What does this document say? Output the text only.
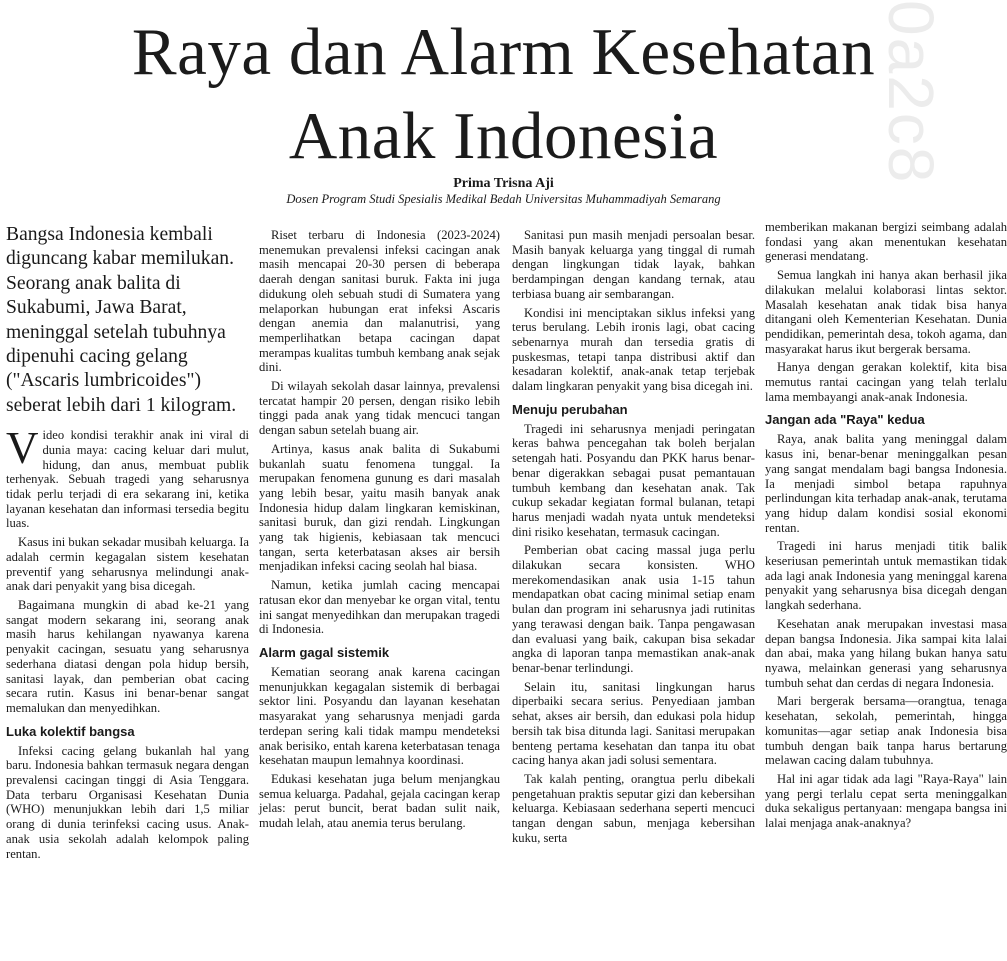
0a2c8
Raya dan Alarm Kesehatan
Anak Indonesia
Prima Trisna Aji
Dosen Program Studi Spesialis Medikal Bedah Universitas Muhammadiyah Semarang
Bangsa Indonesia kembali diguncang kabar memilukan. Seorang anak balita di Sukabumi, Jawa Barat, meninggal setelah tubuhnya dipenuhi cacing gelang ("Ascaris lumbricoides") seberat lebih dari 1 kilogram.

Video kondisi terakhir anak ini viral di dunia maya: cacing keluar dari mulut, hidung, dan anus, membuat publik terhenyak. Sebuah tragedi yang seharusnya tidak perlu terjadi di era sekarang ini, ketika layanan kesehatan dan informasi tersedia begitu luas.

Kasus ini bukan sekadar musibah keluarga. Ia adalah cermin kegagalan sistem kesehatan preventif yang seharusnya melindungi anak-anak dari penyakit yang bisa dicegah.

Bagaimana mungkin di abad ke-21 yang sangat modern sekarang ini, seorang anak masih harus kehilangan nyawanya karena penyakit cacingan, sesuatu yang seharusnya sederhana diatasi dengan pola hidup bersih, sanitasi layak, dan pemberian obat cacing secara rutin. Kasus ini benar-benar sangat memalukan dan menyedihkan.

Luka kolektif bangsa

Infeksi cacing gelang bukanlah hal yang baru. Indonesia bahkan termasuk negara dengan prevalensi cacingan tinggi di Asia Tenggara. Data terbaru Organisasi Kesehatan Dunia (WHO) menunjukkan lebih dari 1,5 miliar orang di dunia terinfeksi cacing usus. Anak-anak usia sekolah adalah kelompok paling rentan.

Riset terbaru di Indonesia (2023-2024) menemukan prevalensi infeksi cacingan anak masih mencapai 20-30 persen di beberapa daerah dengan sanitasi buruk. Fakta ini juga didukung oleh sebuah studi di Sumatera yang melaporkan hubungan erat infeksi Ascaris dengan anemia dan malanutrisi, yang memperlihatkan betapa cacingan dapat merampas kualitas tumbuh kembang anak sejak dini.

Di wilayah sekolah dasar lainnya, prevalensi tercatat hampir 20 persen, dengan risiko lebih tinggi pada anak yang tidak mencuci tangan dengan sabun setelah buang air.

Artinya, kasus anak balita di Sukabumi bukanlah suatu fenomena tunggal. Ia merupakan fenomena gunung es dari masalah yang lebih besar, yaitu masih banyak anak Indonesia hidup dalam lingkaran kemiskinan, sanitasi buruk, dan gizi rendah. Lingkungan yang tak higienis, kebiasaan tak mencuci tangan, serta keterbatasan akses air bersih menjadikan infeksi cacing seolah hal biasa.

Namun, ketika jumlah cacing mencapai ratusan ekor dan menyebar ke organ vital, tentu ini sangat menyedihkan dan merupakan tragedi di Indonesia.

Alarm gagal sistemik

Kematian seorang anak karena cacingan menunjukkan kegagalan sistemik di berbagai sektor lini. Posyandu dan layanan kesehatan masyarakat yang seharusnya menjadi garda terdepan sering kali tidak mampu mendeteksi anak berisiko, entah karena keterbatasan tenaga kesehatan maupun lemahnya koordinasi.

Edukasi kesehatan juga belum menjangkau semua keluarga. Padahal, gejala cacingan kerap jelas: perut buncit, berat badan sulit naik, mudah lelah, atau anemia terus berulang.

Sanitasi pun masih menjadi persoalan besar. Masih banyak keluarga yang tinggal di rumah dengan lingkungan tidak layak, bahkan berdampingan dengan kandang ternak, atau terbiasa buang air sembarangan.

Kondisi ini menciptakan siklus infeksi yang terus berulang. Lebih ironis lagi, obat cacing sebenarnya murah dan tersedia gratis di puskesmas, tetapi tanpa distribusi aktif dan kesadaran kolektif, anak-anak tetap terjebak dalam lingkaran penyakit yang bisa dicegah ini.

Menuju perubahan

Tragedi ini seharusnya menjadi peringatan keras bahwa pencegahan tak boleh berjalan setengah hati. Posyandu dan PKK harus benar-benar digerakkan sebagai pusat pemantauan tumbuh kembang dan kesehatan anak. Tak cukup sekadar kegiatan formal bulanan, tetapi harus menjadi wadah nyata untuk mendeteksi dini risiko kesehatan, termasuk cacingan.

Pemberian obat cacing massal juga perlu dilakukan secara konsisten. WHO merekomendasikan anak usia 1-15 tahun mendapatkan obat cacing minimal setiap enam bulan dan program ini seharusnya jadi rutinitas yang terawasi dengan baik. Tanpa pengawasan dan evaluasi yang baik, cakupan bisa sekadar angka di laporan tanpa memastikan anak-anak benar-benar terlindungi.

Selain itu, sanitasi lingkungan harus diperbaiki secara serius. Penyediaan jamban sehat, akses air bersih, dan edukasi pola hidup bersih tak bisa ditunda lagi. Sanitasi merupakan benteng pertama kesehatan dan tanpa itu obat cacing hanya akan jadi solusi sementara.

Tak kalah penting, orangtua perlu dibekali pengetahuan praktis seputar gizi dan kebersihan keluarga. Kebiasaan sederhana seperti mencuci tangan dengan sabun, menjaga kebersihan kuku, serta

memberikan makanan bergizi seimbang adalah fondasi yang akan menentukan kesehatan generasi mendatang.

Semua langkah ini hanya akan berhasil jika dilakukan melalui kolaborasi lintas sektor. Masalah kesehatan anak tidak bisa hanya ditangani oleh Kementerian Kesehatan. Dunia pendidikan, pemerintah desa, tokoh agama, dan masyarakat harus ikut bergerak bersama.

Hanya dengan gerakan kolektif, kita bisa memutus rantai cacingan yang telah terlalu lama membayangi anak-anak Indonesia.

Jangan ada "Raya" kedua

Raya, anak balita yang meninggal dalam kasus ini, benar-benar meninggalkan pesan yang sangat mendalam bagi bangsa Indonesia. Ia menjadi simbol betapa rapuhnya perlindungan kita terhadap anak-anak, terutama yang hidup dalam kondisi sosial ekonomi rentan.

Tragedi ini harus menjadi titik balik keseriusan pemerintah untuk memastikan tidak ada lagi anak Indonesia yang meninggal karena penyakit yang seharusnya bisa dicegah dengan langkah sederhana.

Kesehatan anak merupakan investasi masa depan bangsa Indonesia. Jika sampai kita lalai dan abai, maka yang hilang bukan hanya satu nyawa, melainkan generasi yang seharusnya tumbuh sehat dan cerdas di negara Indonesia.

Mari bergerak bersama—orangtua, tenaga kesehatan, sekolah, pemerintah, hingga komunitas—agar setiap anak Indonesia bisa tumbuh dengan baik tanpa harus bertarung melawan cacing dalam tubuhnya.

Hal ini agar tidak ada lagi "Raya-Raya" lain yang pergi terlalu cepat serta meninggalkan duka sekaligus pertanyaan: mengapa bangsa ini lalai menjaga anak-anaknya?
